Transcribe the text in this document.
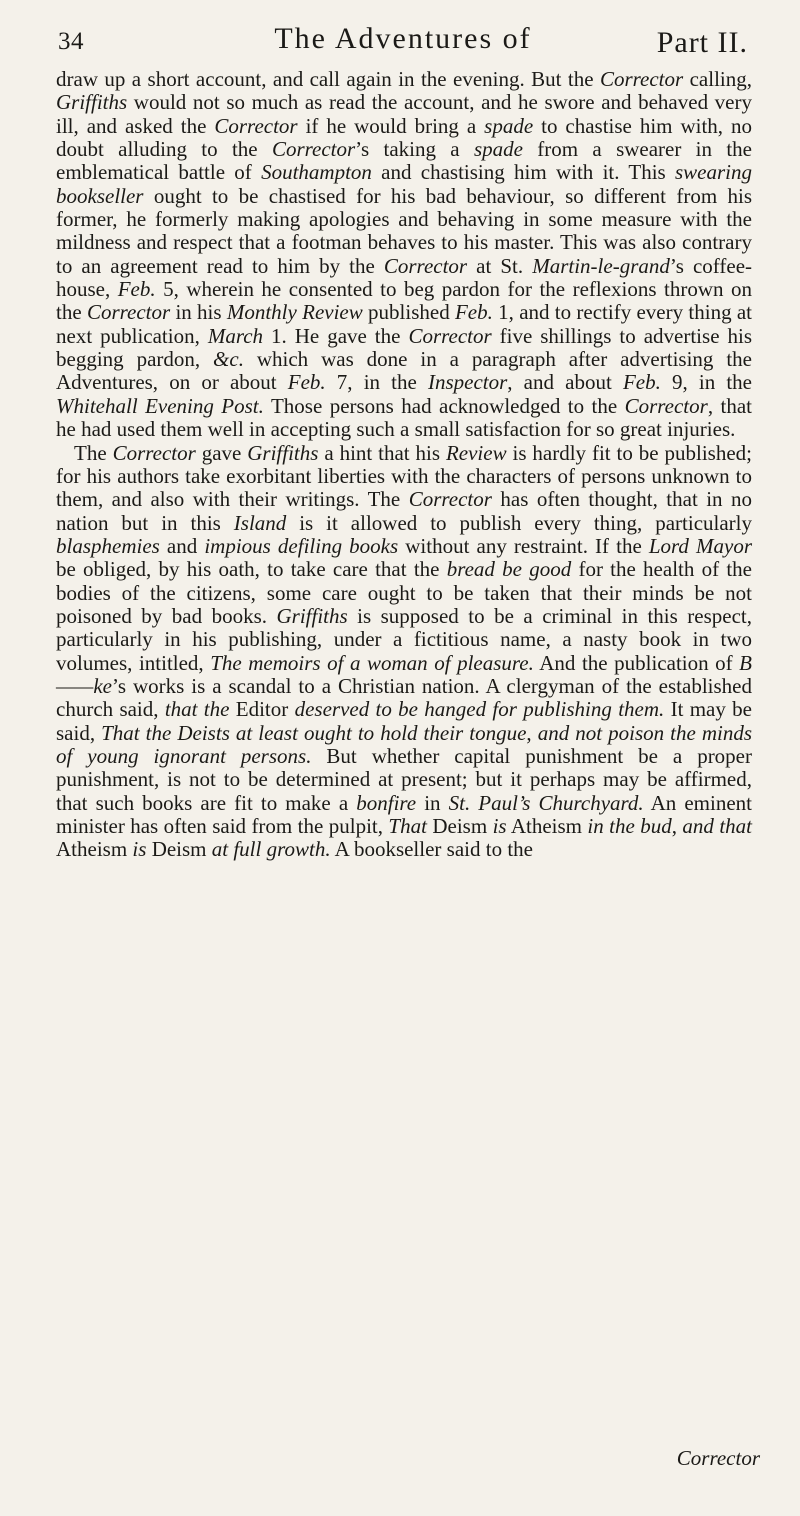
34	The Adventures of	Part II.

draw up a short account, and call again in the evening. But the Corrector calling, Griffiths would not so much as read the account, and he swore and behaved very ill, and asked the Corrector if he would bring a spade to chastise him with, no doubt alluding to the Corrector’s taking a spade from a swearer in the emblematical battle of Southampton and chastising him with it. This swearing bookseller ought to be chastised for his bad behaviour, so different from his former, he formerly making apologies and behaving in some measure with the mildness and respect that a footman behaves to his master. This was also contrary to an agreement read to him by the Corrector at St. Martin-le-grand’s coffee-house, Feb. 5, wherein he consented to beg pardon for the reflexions thrown on the Corrector in his Monthly Review published Feb. 1, and to rectify every thing at next publication, March 1. He gave the Corrector five shillings to advertise his begging pardon, &c. which was done in a paragraph after advertising the Adventures, on or about Feb. 7, in the Inspector, and about Feb. 9, in the Whitehall Evening Post. Those persons had acknowledged to the Corrector, that he had used them well in accepting such a small satisfaction for so great injuries.

The Corrector gave Griffiths a hint that his Review is hardly fit to be published; for his authors take exorbitant liberties with the characters of persons unknown to them, and also with their writings. The Corrector has often thought, that in no nation but in this Island is it allowed to publish every thing, particularly blasphemies and impious defiling books without any restraint. If the Lord Mayor be obliged, by his oath, to take care that the bread be good for the health of the bodies of the citizens, some care ought to be taken that their minds be not poisoned by bad books. Griffiths is supposed to be a criminal in this respect, particularly in his publishing, under a fictitious name, a nasty book in two volumes, intitled, The memoirs of a woman of pleasure. And the publication of B——ke’s works is a scandal to a Christian nation. A clergyman of the established church said, that the Editor deserved to be hanged for publishing them. It may be said, That the Deists at least ought to hold their tongue, and not poison the minds of young ignorant persons. But whether capital punishment be a proper punishment, is not to be determined at present; but it perhaps may be affirmed, that such books are fit to make a bonfire in St. Paul’s Churchyard. An eminent minister has often said from the pulpit, That Deism is Atheism in the bud, and that Atheism is Deism at full growth. A bookseller said to the

Corrector
